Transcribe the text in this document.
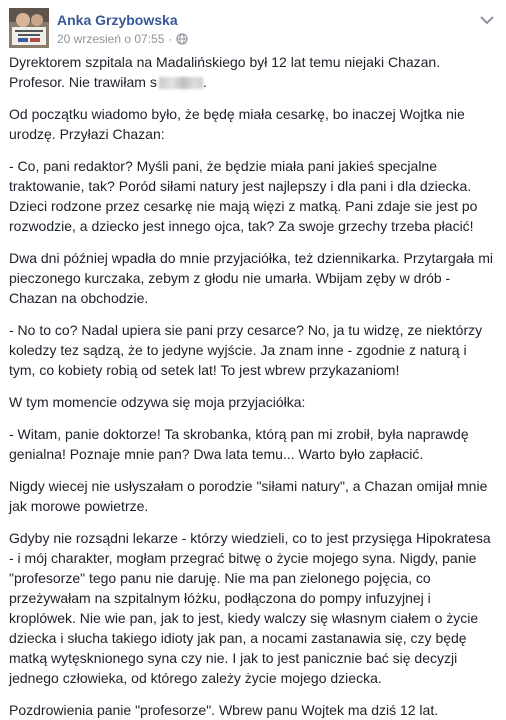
Anka Grzybowska
20 wrzesień o 07:55 ·

Dyrektorem szpitala na Madalińskiego był 12 lat temu niejaki Chazan. Profesor. Nie trawiłam s	.

Od początku wiadomo było, że będę miała cesarkę, bo inaczej Wojtka nie urodzę. Przyłazi Chazan:

- Co, pani redaktor? Myśli pani, że będzie miała pani jakieś specjalne traktowanie, tak? Poród siłami natury jest najlepszy i dla pani i dla dziecka. Dzieci rodzone przez cesarkę nie mają więzi z matką. Pani zdaje sie jest po rozwodzie, a dziecko jest innego ojca, tak? Za swoje grzechy trzeba płacić!

Dwa dni później wpadła do mnie przyjaciółka, też dziennikarka. Przytargała mi pieczonego kurczaka, zebym z głodu nie umarła. Wbijam zęby w drób - Chazan na obchodzie.

- No to co? Nadal upiera sie pani przy cesarce? No, ja tu widzę, ze niektórzy koledzy tez sądzą, że to jedyne wyjście. Ja znam inne - zgodnie z naturą i tym, co kobiety robią od setek lat! To jest wbrew przykazaniom!

W tym momencie odzywa się moja przyjaciółka:

- Witam, panie doktorze! Ta skrobanka, którą pan mi zrobił, była naprawdę genialna! Poznaje mnie pan? Dwa lata temu... Warto było zapłacić.

Nigdy wiecej nie usłyszałam o porodzie "siłami natury", a Chazan omijał mnie jak morowe powietrze.

Gdyby nie rozsądni lekarze - którzy wiedzieli, co to jest przysięga Hipokratesa - i mój charakter, mogłam przegrać bitwę o życie mojego syna. Nigdy, panie "profesorze" tego panu nie daruję. Nie ma pan zielonego pojęcia, co przeżywałam na szpitalnym łóżku, podłączona do pompy infuzyjnej i kroplówek. Nie wie pan, jak to jest, kiedy walczy się własnym ciałem o życie dziecka i słucha takiego idioty jak pan, a nocami zastanawia się, czy będę matką wytęsknionego syna czy nie. I jak to jest panicznie bać się decyzji jednego człowieka, od którego zależy życie mojego dziecka.

Pozdrowienia panie "profesorze". Wbrew panu Wojtek ma dziś 12 lat.
